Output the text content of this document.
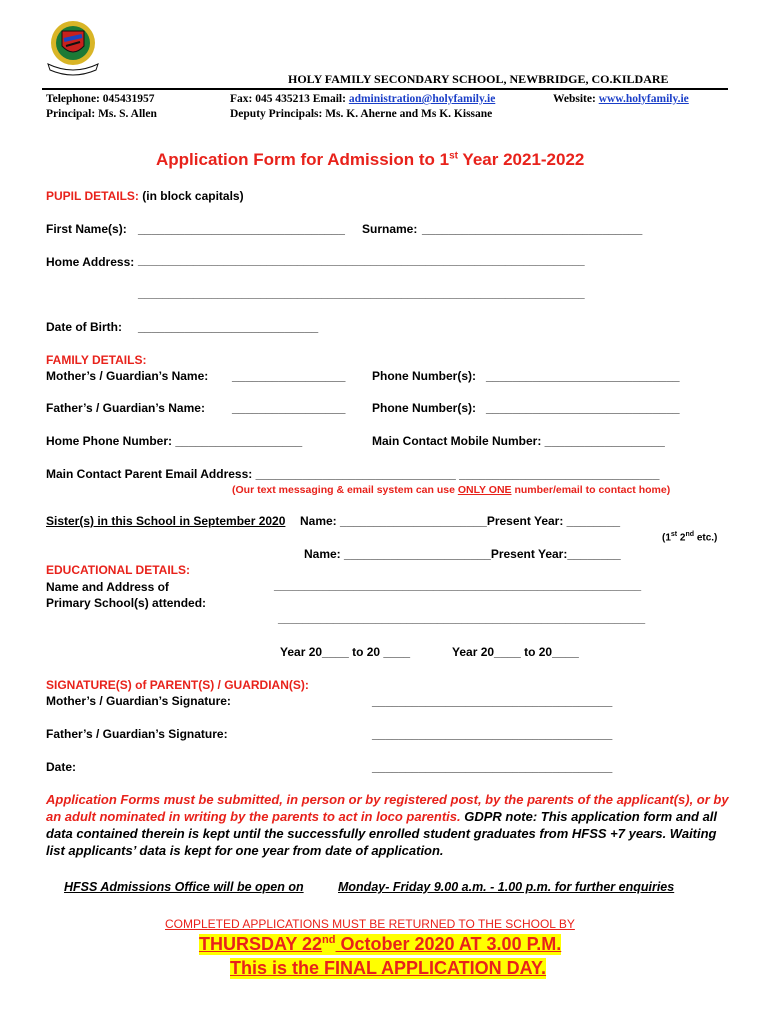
HOLY FAMILY SECONDARY SCHOOL, NEWBRIDGE, CO.KILDARE
Telephone: 045431957
Principal: Ms. S. Allen
Fax: 045 435213 Email: administration@holyfamily.ie	Website: www.holyfamily.ie
Deputy Principals: Ms. K. Aherne and Ms K. Kissane
Application Form for Admission to 1st Year 2021-2022
PUPIL DETAILS: (in block capitals)
First Name(s): _______________________________ Surname: _________________________________
Home Address: _________________________________________________________________________
_________________________________________________________________________
Date of Birth: ___________________________
FAMILY DETAILS:
Mother’s / Guardian’s Name: _________________ Phone Number(s): _____________________________
Father’s / Guardian’s Name: _________________ Phone Number(s): _____________________________
Home Phone Number: ___________________	Main Contact Mobile Number: __________________
Main Contact Parent Email Address: ______________________________ ______________________________
(Our text messaging & email system can use ONLY ONE number/email to contact home)
Sister(s) in this School in September 2020 Name: ______________________Present Year: ________
(1st 2nd etc.)
Name: ______________________Present Year:________
EDUCATIONAL DETAILS:
Name and Address of
Primary School(s) attended:
____________________________________________________________
____________________________________________________________
Year 20____ to 20 ____	Year 20____ to 20____
SIGNATURE(S) of PARENT(S) / GUARDIAN(S):
Mother’s / Guardian’s Signature:	____________________________________
Father’s / Guardian’s Signature:	____________________________________
Date:	____________________________________
Application Forms must be submitted, in person or by registered post, by the parents of the applicant(s), or by an adult nominated in writing by the parents to act in loco parentis. GDPR note: This application form and all data contained therein is kept until the successfully enrolled student graduates from HFSS +7 years. Waiting list applicants’ data is kept for one year from date of application.
HFSS Admissions Office will be open on	Monday- Friday 9.00 a.m. - 1.00 p.m. for further enquiries
COMPLETED APPLICATIONS MUST BE RETURNED TO THE SCHOOL BY
THURSDAY 22nd October 2020 AT 3.00 P.M.
This is the FINAL APPLICATION DAY.
